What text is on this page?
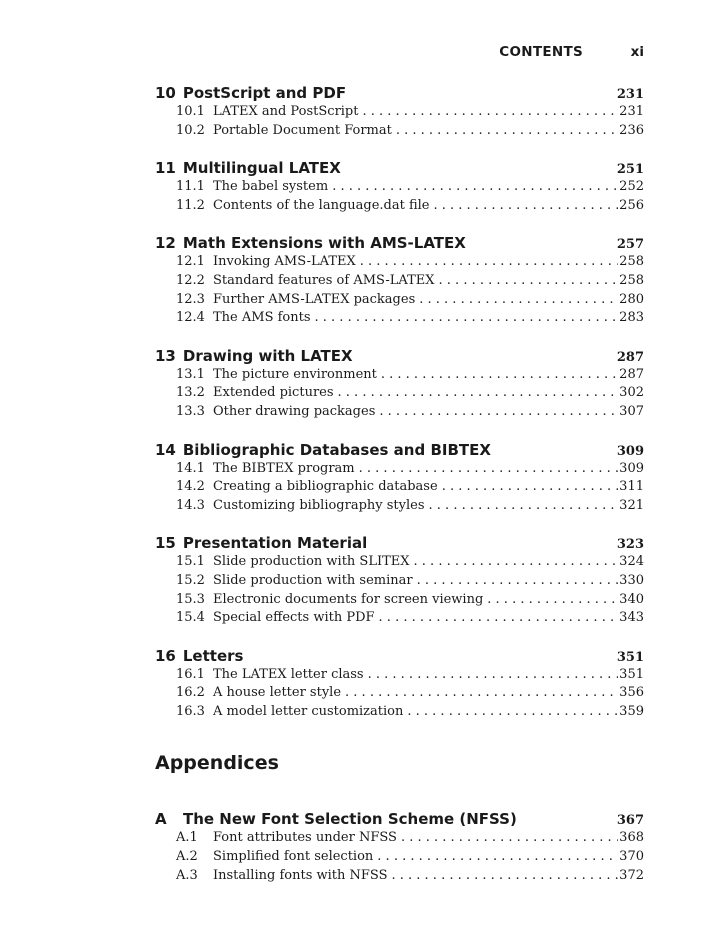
CONTENTS	xi
10 PostScript and PDF	231
10.1 LATEX and PostScript . . .	231
10.2 Portable Document Format . . .	236
11 Multilingual LATEX	251
11.1 The babel system . . .	252
11.2 Contents of the language.dat file . . .	256
12 Math Extensions with AMS-LATEX	257
12.1 Invoking AMS-LATEX . . .	258
12.2 Standard features of AMS-LATEX . . .	258
12.3 Further AMS-LATEX packages . . .	280
12.4 The AMS fonts . . .	283
13 Drawing with LATEX	287
13.1 The picture environment . . .	287
13.2 Extended pictures . . .	302
13.3 Other drawing packages . . .	307
14 Bibliographic Databases and BIBTEX	309
14.1 The BIBTEX program . . .	309
14.2 Creating a bibliographic database . . .	311
14.3 Customizing bibliography styles . . .	321
15 Presentation Material	323
15.1 Slide production with SLITEX . . .	324
15.2 Slide production with seminar . . .	330
15.3 Electronic documents for screen viewing . . .	340
15.4 Special effects with PDF . . .	343
16 Letters	351
16.1 The LATEX letter class . . .	351
16.2 A house letter style . . .	356
16.3 A model letter customization . . .	359
Appendices
A	The New Font Selection Scheme (NFSS)	367
A.1	Font attributes under NFSS . . .	368
A.2	Simplified font selection . . .	370
A.3	Installing fonts with NFSS . . .	372
